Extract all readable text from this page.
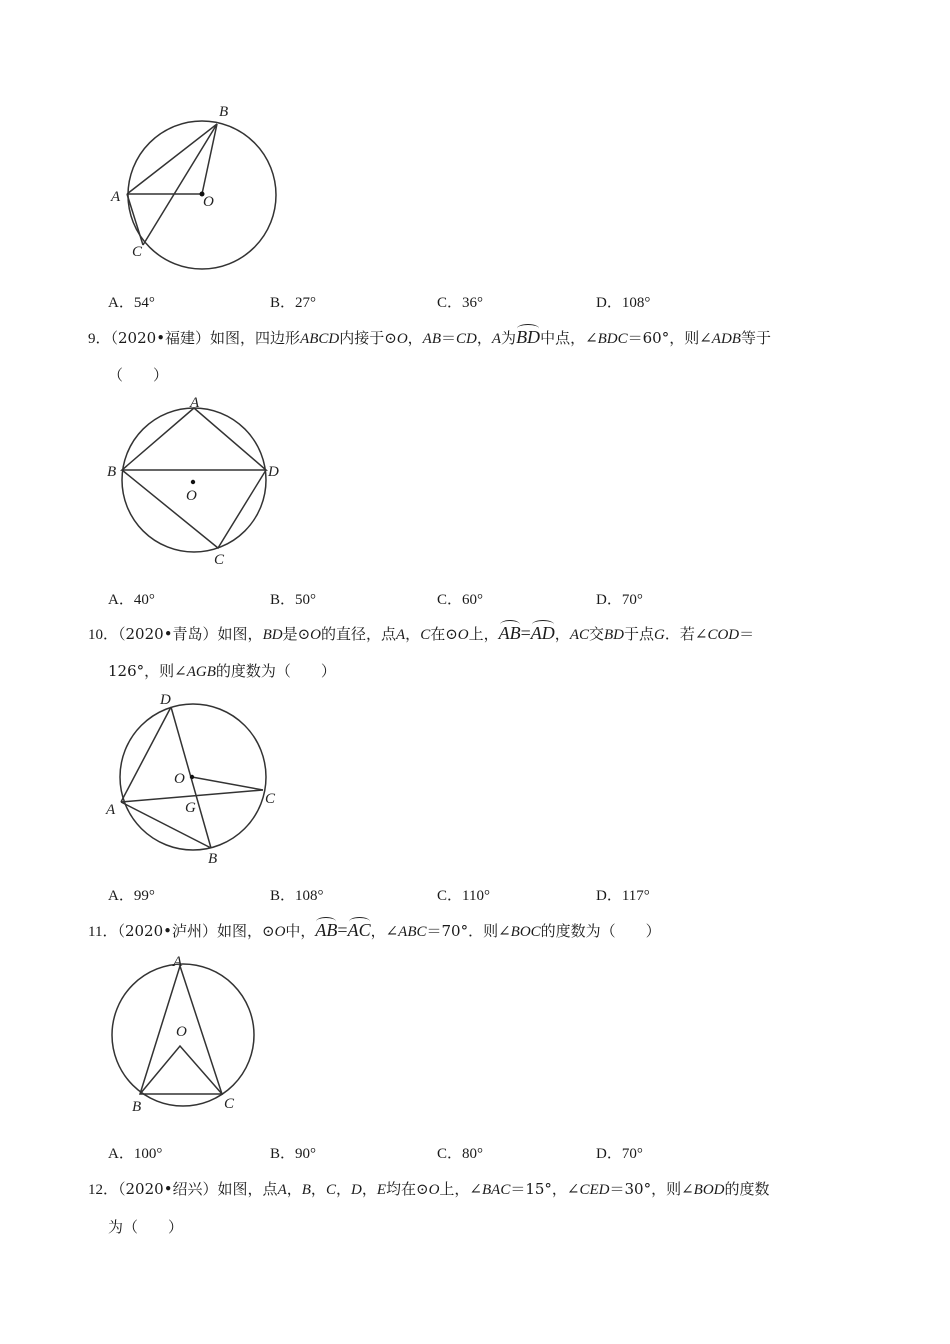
B
A	O
C
A．54°	B．27°	C．36°	D．108°
9．（2020•福建）如图，四边形ABCD内接于⊙O，AB＝CD，A为BD中点，∠BDC＝60°，则∠ADB等于
（　　）
A
B	D
O
C
A．40°	B．50°	C．60°	D．70°
10．（2020•青岛）如图，BD是⊙O的直径，点A，C在⊙O上，AB=AD，AC交BD于点G．若∠COD＝
126°，则∠AGB的度数为（　　）
D
O
A	G
C
B
A．99°	B．108°	C．110°	D．117°
11．（2020•泸州）如图，⊙O中，AB=AC，∠ABC＝70°．则∠BOC的度数为（　　）
A
O
B	C
A．100°	B．90°	C．80°	D．70°
12．（2020•绍兴）如图，点A，B，C，D，E均在⊙O上，∠BAC＝15°，∠CED＝30°，则∠BOD的度数
为（　　）
